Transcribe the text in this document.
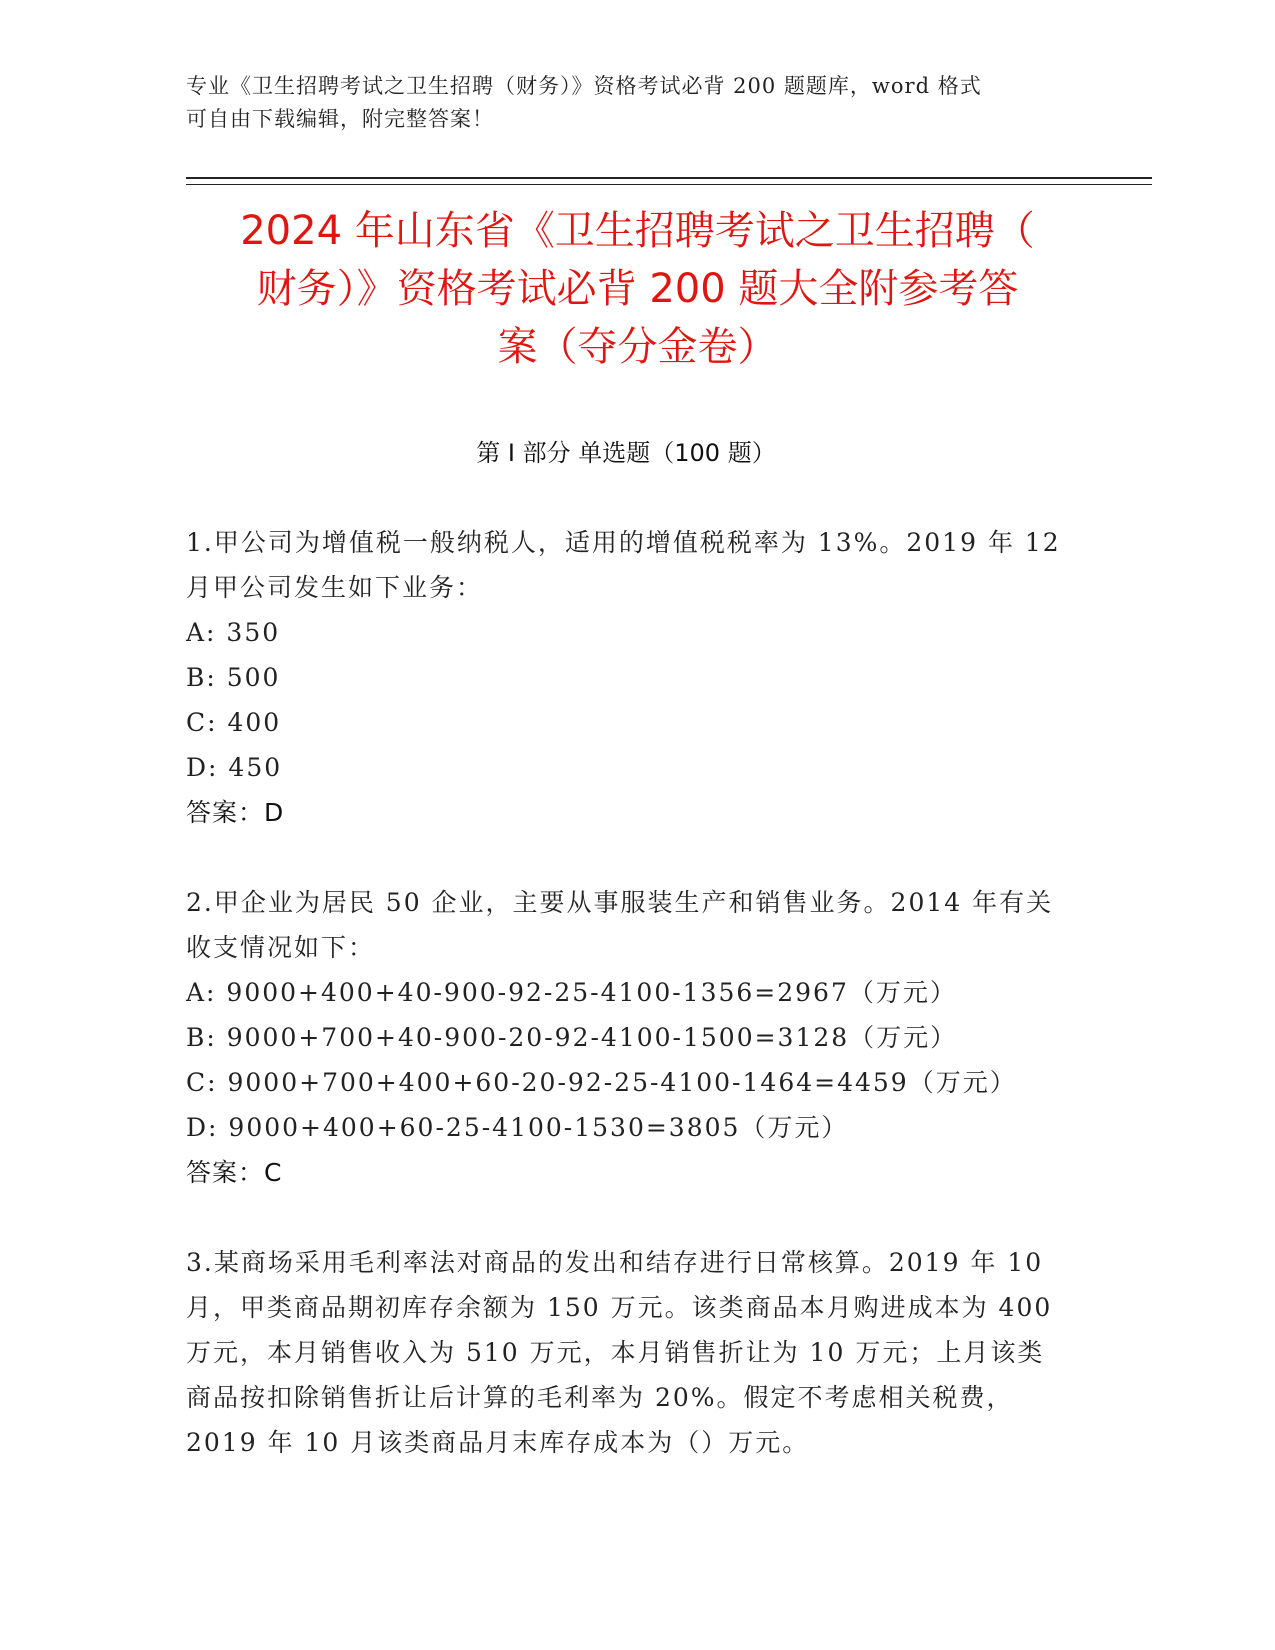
专业《卫生招聘考试之卫生招聘（财务）》资格考试必背 200 题题库，word 格式
可自由下载编辑，附完整答案！
2024 年山东省《卫生招聘考试之卫生招聘（
财务）》资格考试必背 200 题大全附参考答
案（夺分金卷）
第 I 部分 单选题（100 题）
1.甲公司为增值税一般纳税人，适用的增值税税率为 13%。2019 年 12
月甲公司发生如下业务：
A: 350
B: 500
C: 400
D: 450
答案：D
2.甲企业为居民 50 企业，主要从事服装生产和销售业务。2014 年有关
收支情况如下：
A: 9000+400+40-900-92-25-4100-1356=2967（万元）
B: 9000+700+40-900-20-92-4100-1500=3128（万元）
C: 9000+700+400+60-20-92-25-4100-1464=4459（万元）
D: 9000+400+60-25-4100-1530=3805（万元）
答案：C
3.某商场采用毛利率法对商品的发出和结存进行日常核算。2019 年 10
月，甲类商品期初库存余额为 150 万元。该类商品本月购进成本为 400
万元，本月销售收入为 510 万元，本月销售折让为 10 万元；上月该类
商品按扣除销售折让后计算的毛利率为 20%。假定不考虑相关税费，
2019 年 10 月该类商品月末库存成本为（）万元。
